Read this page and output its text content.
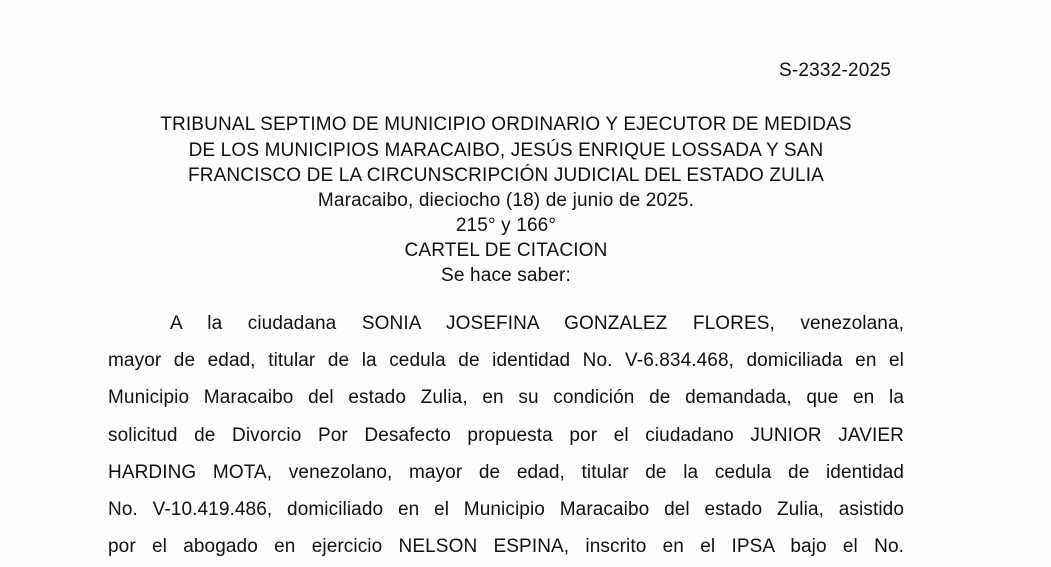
S-2332-2025
TRIBUNAL SEPTIMO DE MUNICIPIO ORDINARIO Y EJECUTOR DE MEDIDAS
DE LOS MUNICIPIOS MARACAIBO, JESÚS ENRIQUE LOSSADA Y SAN
FRANCISCO DE LA CIRCUNSCRIPCIÓN JUDICIAL DEL ESTADO ZULIA
Maracaibo, dieciocho (18) de junio de 2025.
215° y 166°
CARTEL DE CITACION
Se hace saber:
A la ciudadana SONIA JOSEFINA GONZALEZ FLORES, venezolana,
mayor de edad, titular de la cedula de identidad No. V-6.834.468, domiciliada en el
Municipio Maracaibo del estado Zulia, en su condición de demandada, que en la
solicitud de Divorcio Por Desafecto propuesta por el ciudadano JUNIOR JAVIER
HARDING MOTA, venezolano, mayor de edad, titular de la cedula de identidad
No. V-10.419.486, domiciliado en el Municipio Maracaibo del estado Zulia, asistido
por el abogado en ejercicio NELSON ESPINA, inscrito en el IPSA bajo el No.
